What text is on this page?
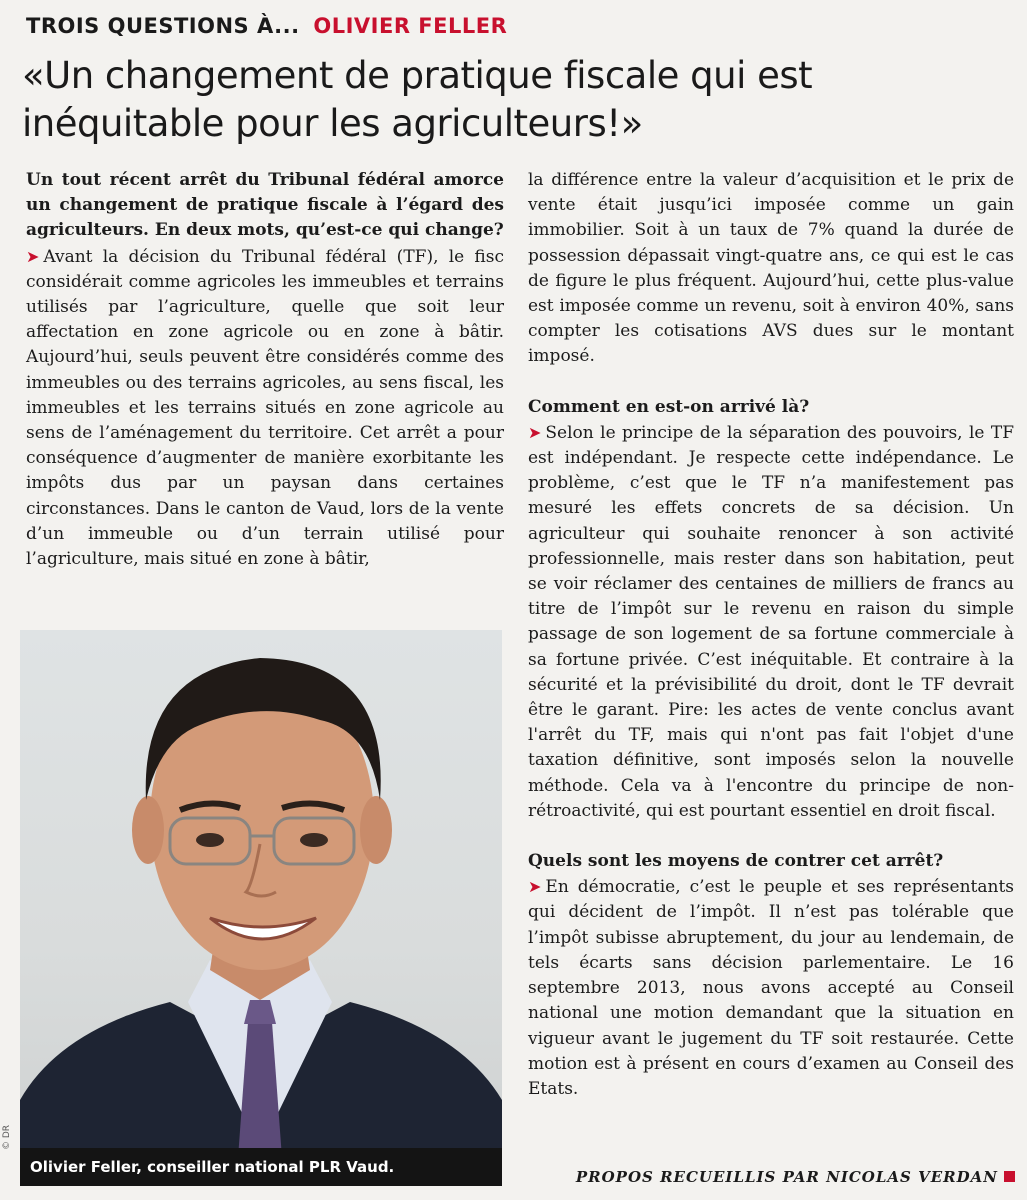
TROIS QUESTIONS À... OLIVIER FELLER
«Un changement de pratique fiscale qui est inéquitable pour les agriculteurs!»

Un tout récent arrêt du Tribunal fédéral amorce un changement de pratique fiscale à l’égard des agriculteurs. En deux mots, qu’est-ce qui change?

➤ Avant la décision du Tribunal fédéral (TF), le fisc considérait comme agricoles les immeubles et terrains utilisés par l’agriculture, quelle que soit leur affectation en zone agricole ou en zone à bâtir. Aujourd’hui, seuls peuvent être considérés comme des immeubles ou des terrains agricoles, au sens fiscal, les immeubles et les terrains situés en zone agricole au sens de l’aménagement du territoire. Cet arrêt a pour conséquence d’augmenter de manière exorbitante les impôts dus par un paysan dans certaines circonstances. Dans le canton de Vaud, lors de la vente d’un immeuble ou d’un terrain utilisé pour l’agriculture, mais situé en zone à bâtir,

la différence entre la valeur d’acquisition et le prix de vente était jusqu’ici imposée comme un gain immobilier. Soit à un taux de 7% quand la durée de possession dépassait vingt-quatre ans, ce qui est le cas de figure le plus fréquent. Aujourd’hui, cette plus-value est imposée comme un revenu, soit à environ 40%, sans compter les cotisations AVS dues sur le montant imposé.

Comment en est-on arrivé là?

➤ Selon le principe de la séparation des pouvoirs, le TF est indépendant. Je respecte cette indépendance. Le problème, c’est que le TF n’a manifestement pas mesuré les effets concrets de sa décision. Un agriculteur qui souhaite renoncer à son activité professionnelle, mais rester dans son habitation, peut se voir réclamer des centaines de milliers de francs au titre de l’impôt sur le revenu en raison du simple passage de son logement de sa fortune commerciale à sa fortune privée. C’est inéquitable. Et contraire à la sécurité et la prévisibilité du droit, dont le TF devrait être le garant. Pire: les actes de vente conclus avant l'arrêt du TF, mais qui n'ont pas fait l'objet d'une taxation définitive, sont imposés selon la nouvelle méthode. Cela va à l'encontre du principe de non-rétroactivité, qui est pourtant essentiel en droit fiscal.

Quels sont les moyens de contrer cet arrêt?

➤ En démocratie, c’est le peuple et ses représentants qui décident de l’impôt. Il n’est pas tolérable que l’impôt subisse abruptement, du jour au lendemain, de tels écarts sans décision parlementaire. Le 16 septembre 2013, nous avons accepté au Conseil national une motion demandant que la situation en vigueur avant le jugement du TF soit restaurée. Cette motion est à présent en cours d’examen au Conseil des Etats.

Olivier Feller, conseiller national PLR Vaud.
© DR
PROPOS RECUEILLIS PAR NICOLAS VERDAN
